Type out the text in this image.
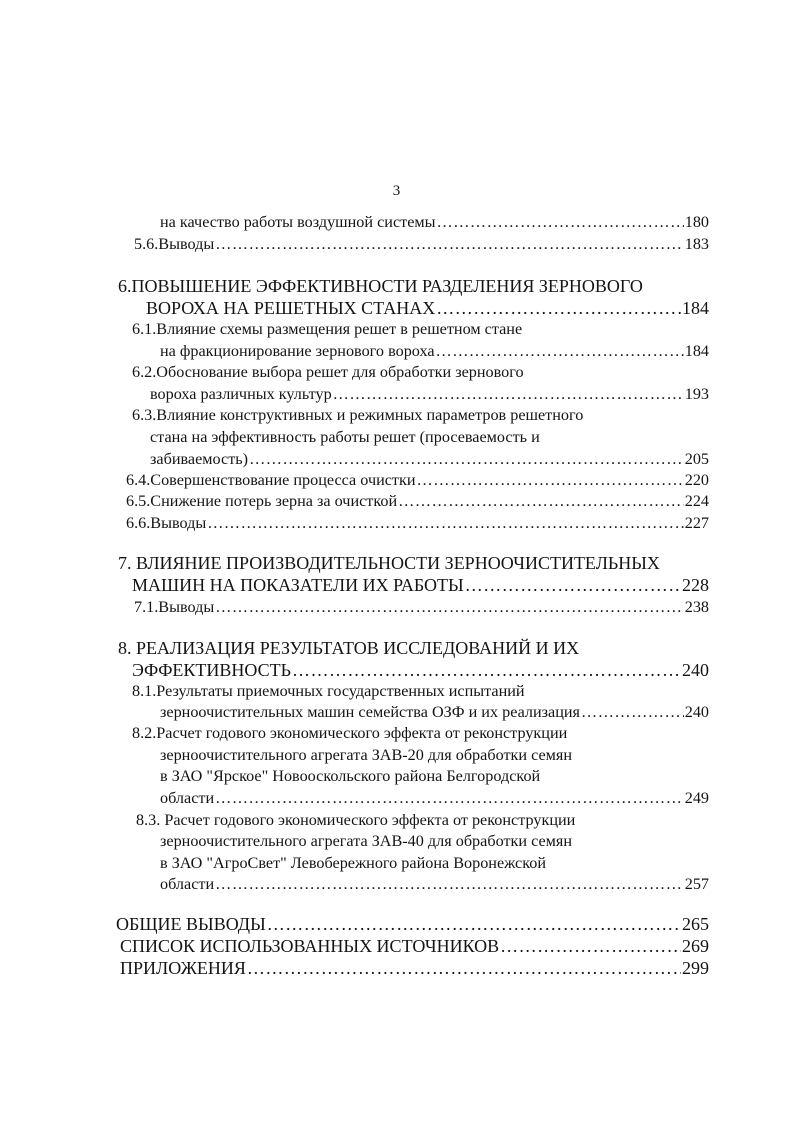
3
на качество работы воздушной системы …………………………………………………………………………………………………………………………………………………………………………………………………………	180
5.6.Выводы …………………………………………………………………………………………………………………………………………………………………………………………………………	183
6.ПОВЫШЕНИЕ ЭФФЕКТИВНОСТИ РАЗДЕЛЕНИЯ ЗЕРНОВОГО
ВОРОХА НА РЕШЕТНЫХ СТАНАХ …………………………………………………………………………………………………………………………………………………………………………………………………………	184
6.1.Влияние схемы размещения решет в решетном стане
на фракционирование зернового вороха …………………………………………………………………………………………………………………………………………………………………………………………………………	184
6.2.Обоснование выбора решет для обработки зернового
вороха различных культур …………………………………………………………………………………………………………………………………………………………………………………………………………	193
6.3.Влияние конструктивных и режимных параметров решетного
стана на эффективность работы решет (просеваемость и
забиваемость) …………………………………………………………………………………………………………………………………………………………………………………………………………	205
6.4.Совершенствование процесса очистки …………………………………………………………………………………………………………………………………………………………………………………………………………	220
6.5.Снижение потерь зерна за очисткой …………………………………………………………………………………………………………………………………………………………………………………………………………	224
6.6.Выводы …………………………………………………………………………………………………………………………………………………………………………………………………………	227
7. ВЛИЯНИЕ ПРОИЗВОДИТЕЛЬНОСТИ ЗЕРНООЧИСТИТЕЛЬНЫХ
МАШИН НА ПОКАЗАТЕЛИ ИХ РАБОТЫ …………………………………………………………………………………………………………………………………………………………………………………………………………	228
7.1.Выводы …………………………………………………………………………………………………………………………………………………………………………………………………………	238
8. РЕАЛИЗАЦИЯ РЕЗУЛЬТАТОВ ИССЛЕДОВАНИЙ И ИХ
ЭФФЕКТИВНОСТЬ …………………………………………………………………………………………………………………………………………………………………………………………………………	240
8.1.Результаты приемочных государственных испытаний
зерноочистительных машин семейства ОЗФ и их реализация …………………………………………………………………………………………………………………………………………………………………………………………………………	240
8.2.Расчет годового экономического эффекта от реконструкции
зерноочистительного агрегата ЗАВ-20 для обработки семян
в ЗАО "Ярское" Новооскольского района Белгородской
области …………………………………………………………………………………………………………………………………………………………………………………………………………	249
8.3. Расчет годового экономического эффекта от реконструкции
зерноочистительного агрегата ЗАВ-40 для обработки семян
в ЗАО "АгроСвет" Левобережного района Воронежской
области …………………………………………………………………………………………………………………………………………………………………………………………………………	257
ОБЩИЕ ВЫВОДЫ …………………………………………………………………………………………………………………………………………………………………………………………………………	265
СПИСОК ИСПОЛЬЗОВАННЫХ ИСТОЧНИКОВ …………………………………………………………………………………………………………………………………………………………………………………………………………	269
ПРИЛОЖЕНИЯ …………………………………………………………………………………………………………………………………………………………………………………………………………	299
